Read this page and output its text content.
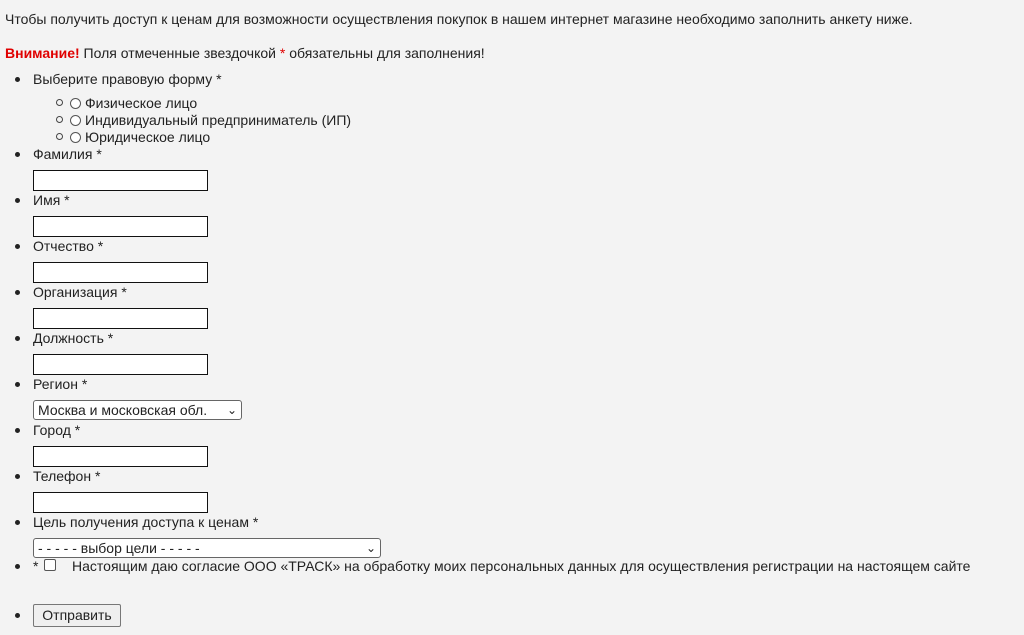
Чтобы получить доступ к ценам для возможности осуществления покупок в нашем интернет магазине необходимо заполнить анкету ниже.
Внимание! Поля отмеченные звездочкой * обязательны для заполнения!
Выберите правовую форму *
Физическое лицо
Индивидуальный предприниматель (ИП)
Юридическое лицо
Фамилия *
Имя *
Отчество *
Организация *
Должность *
Регион *
Москва и московская обл. ⌄
Город *
Телефон *
Цель получения доступа к ценам *
- - - - - выбор цели - - - - -	⌄
* Настоящим даю согласие ООО «ТРАСК» на обработку моих персональных данных для осуществления регистрации на настоящем сайте
Отправить
